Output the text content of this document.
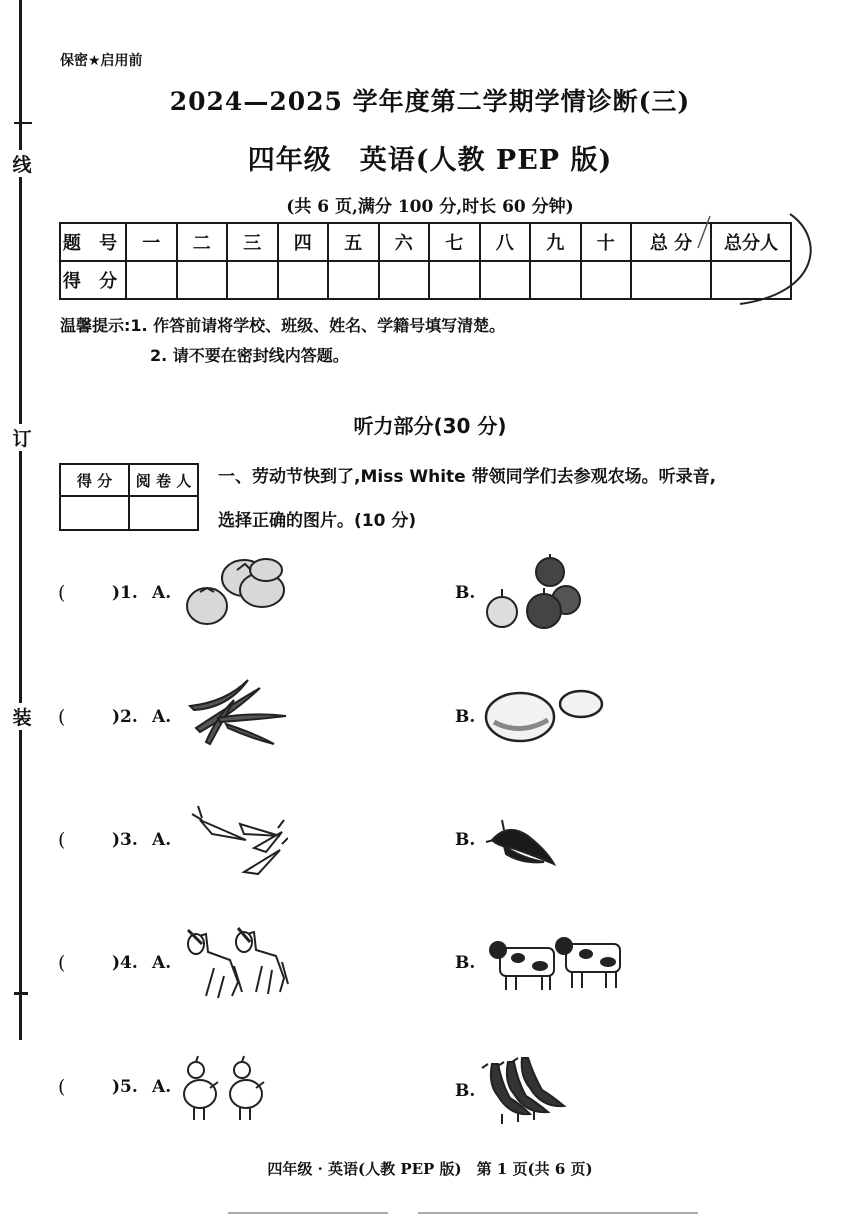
线
订
装
保密★启用前
2024—2025 学年度第二学期学情诊断(三)
四年级　英语(人教 PEP 版)
(共 6 页,满分 100 分,时长 60 分钟)
题 号	一	二	三	四	五	六	七	八	九	十	总 分	总分人
得 分												
温馨提示:1. 作答前请将学校、班级、姓名、学籍号填写清楚。
2. 请不要在密封线内答题。
听力部分(30 分)
得 分	阅 卷 人
	一、劳动节快到了,Miss White 带领同学们去参观农场。听录音,
选择正确的图片。(10 分)
(	)1. A.	B.
(	)2. A.	B.
(	)3. A.	B.
(	)4. A.	B.
(	)5. A.	B.
四年级 · 英语(人教 PEP 版)　第 1 页(共 6 页)
